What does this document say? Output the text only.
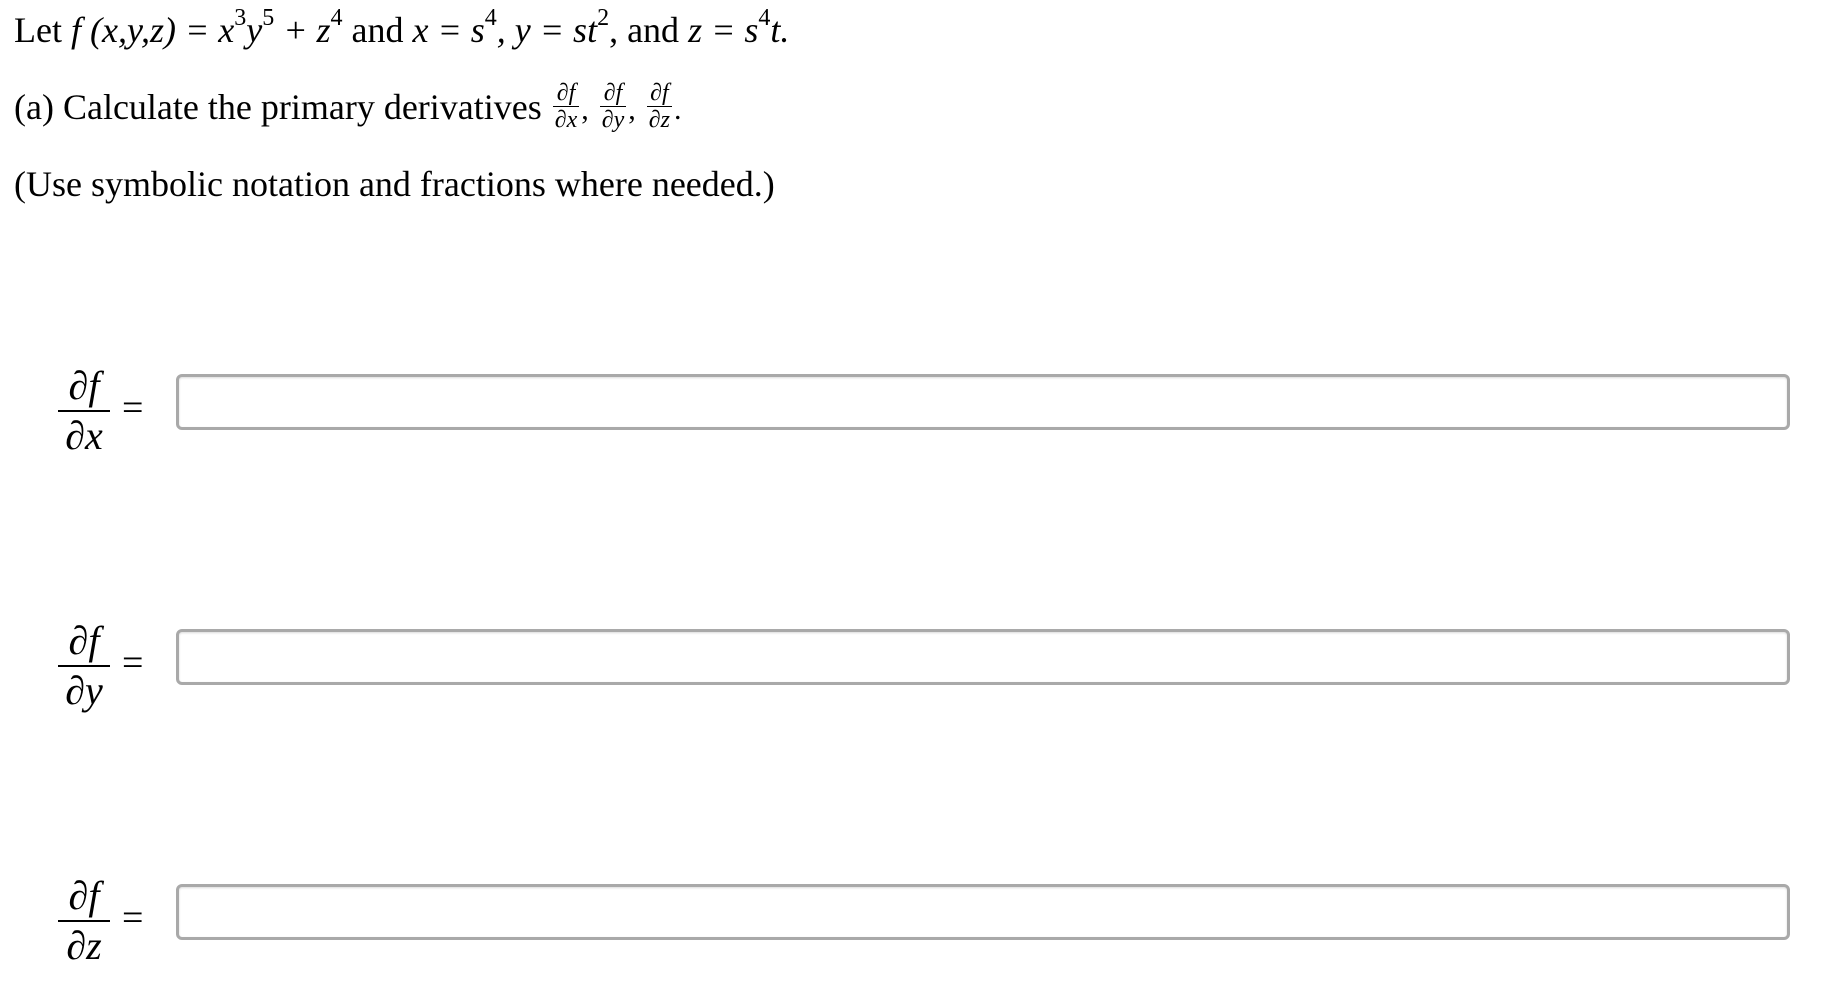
Let f $(x,y,z) = x^3y^5 + z^4$ and $x = s^4$, $y = st^2$, and $z = s^4t$.
(a) Calculate the primary derivatives $\frac{\partial f}{\partial x}$ , $\frac{\partial f}{\partial y}$ , $\frac{\partial f}{\partial z}$ .
(Use symbolic notation and fractions where needed.)
$\frac{\partial f}{\partial x}$ =
$\frac{\partial f}{\partial y}$ =
$\frac{\partial f}{\partial z}$ =
